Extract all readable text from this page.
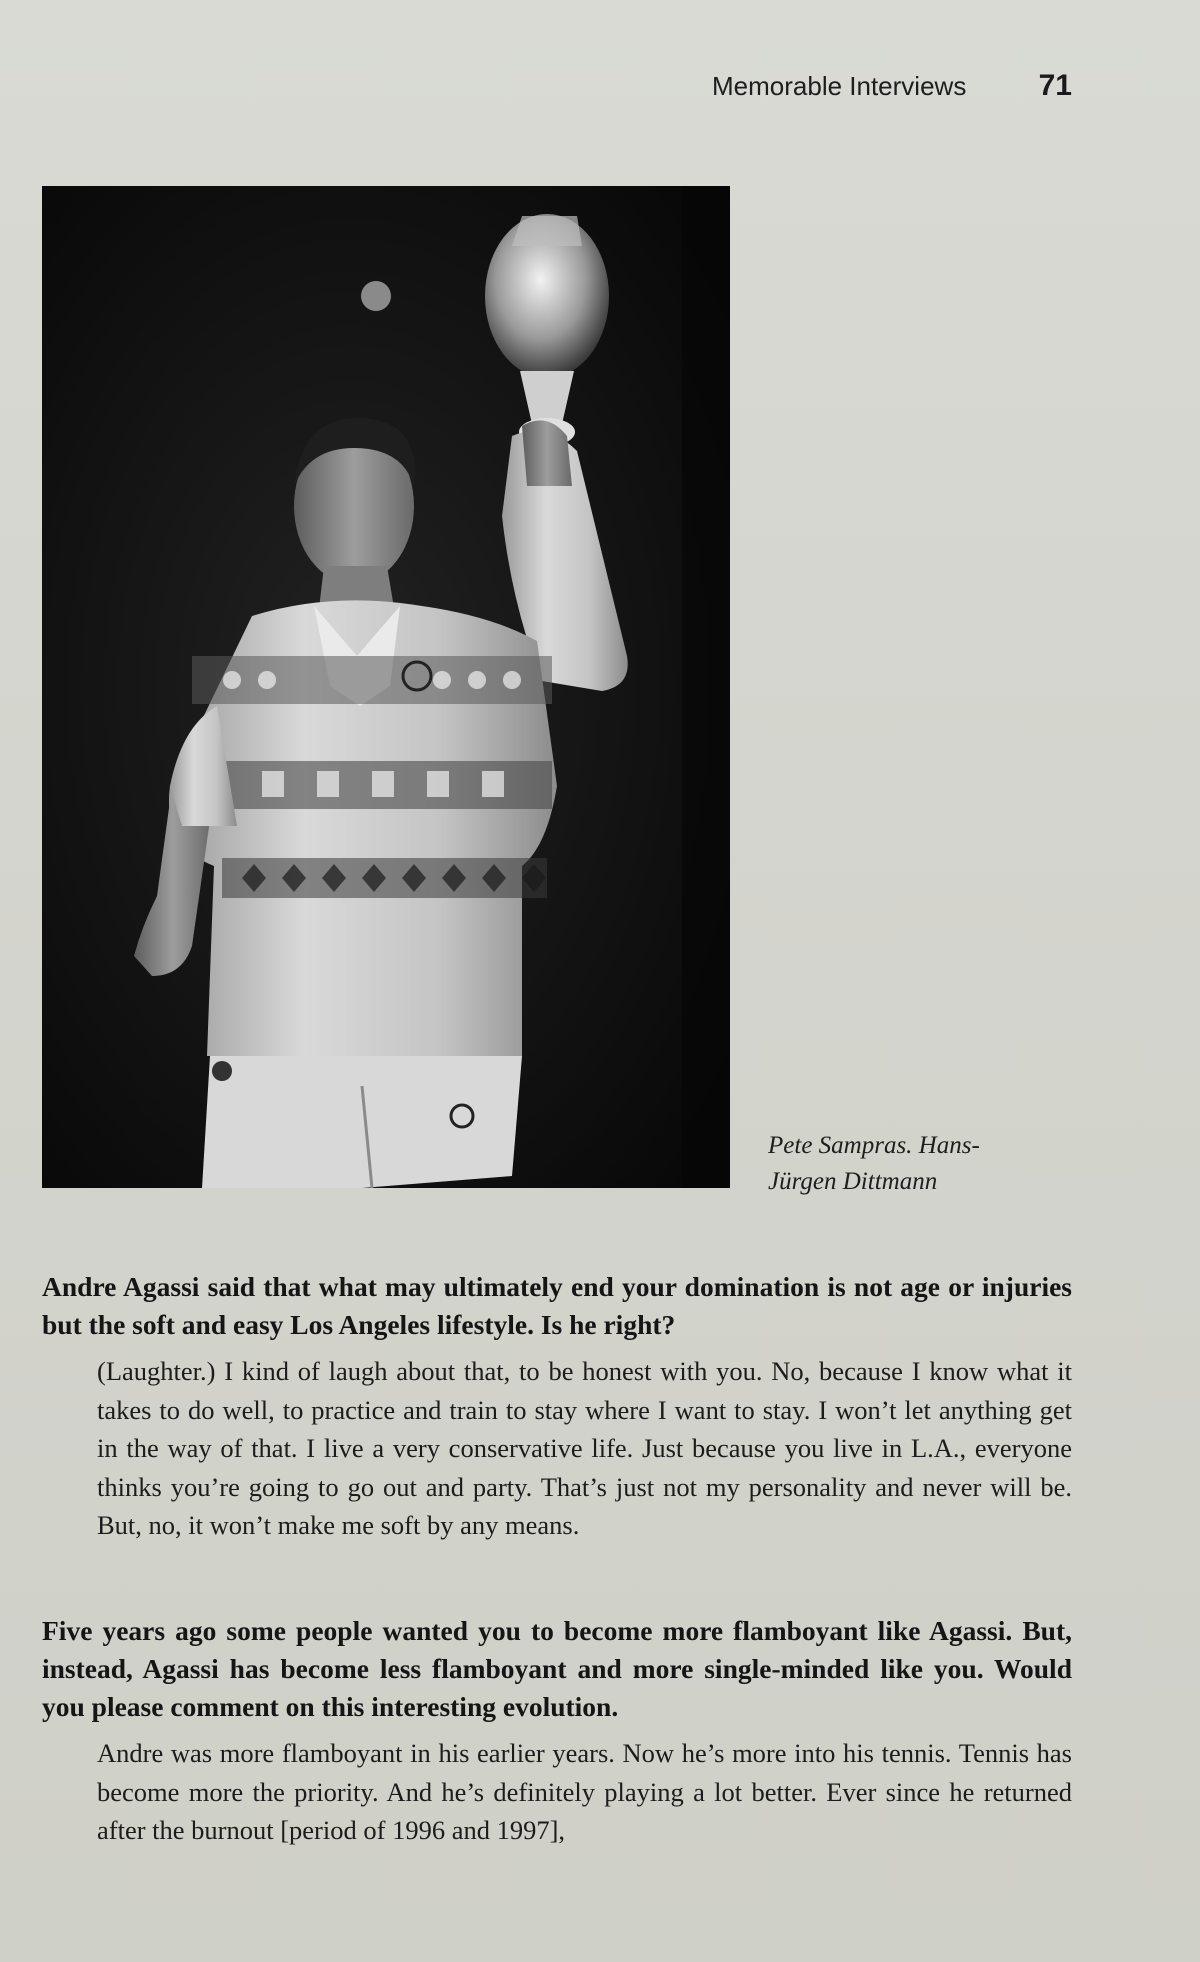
Memorable Interviews 71
Pete Sampras. Hans-
Jürgen Dittmann

Andre Agassi said that what may ultimately end your domination is not age or injuries but the soft and easy Los Angeles lifestyle. Is he right?

(Laughter.) I kind of laugh about that, to be honest with you. No, because I know what it takes to do well, to practice and train to stay where I want to stay. I won’t let anything get in the way of that. I live a very conservative life. Just because you live in L.A., everyone thinks you’re going to go out and party. That’s just not my personality and never will be. But, no, it won’t make me soft by any means.

Five years ago some people wanted you to become more flamboyant like Agassi. But, instead, Agassi has become less flamboyant and more single-minded like you. Would you please comment on this interesting evolution.

Andre was more flamboyant in his earlier years. Now he’s more into his tennis. Tennis has become more the priority. And he’s definitely playing a lot better. Ever since he returned after the burnout [period of 1996 and 1997],
